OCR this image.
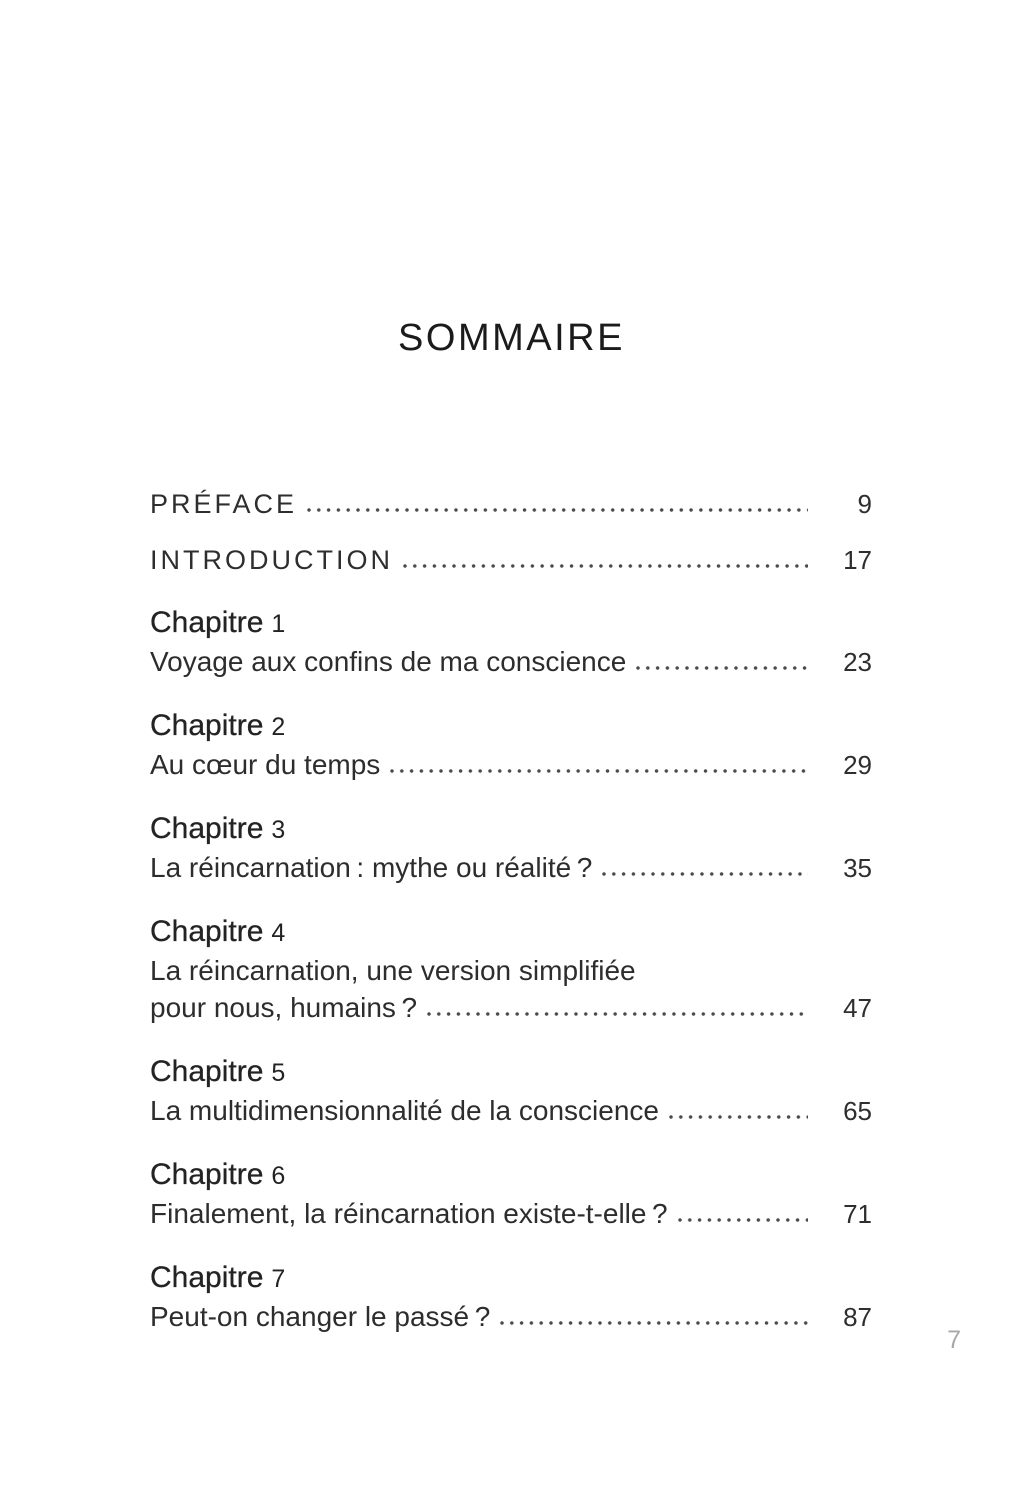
SOMMAIRE
PRÉFACE	9
INTRODUCTION	17
Chapitre 1
Voyage aux confins de ma conscience	23
Chapitre 2
Au cœur du temps	29
Chapitre 3
La réincarnation : mythe ou réalité ?	35
Chapitre 4
La réincarnation, une version simplifiée
pour nous, humains ?	47
Chapitre 5
La multidimensionnalité de la conscience	65
Chapitre 6
Finalement, la réincarnation existe-t-elle ?	71
Chapitre 7
Peut-on changer le passé ?	87
7
